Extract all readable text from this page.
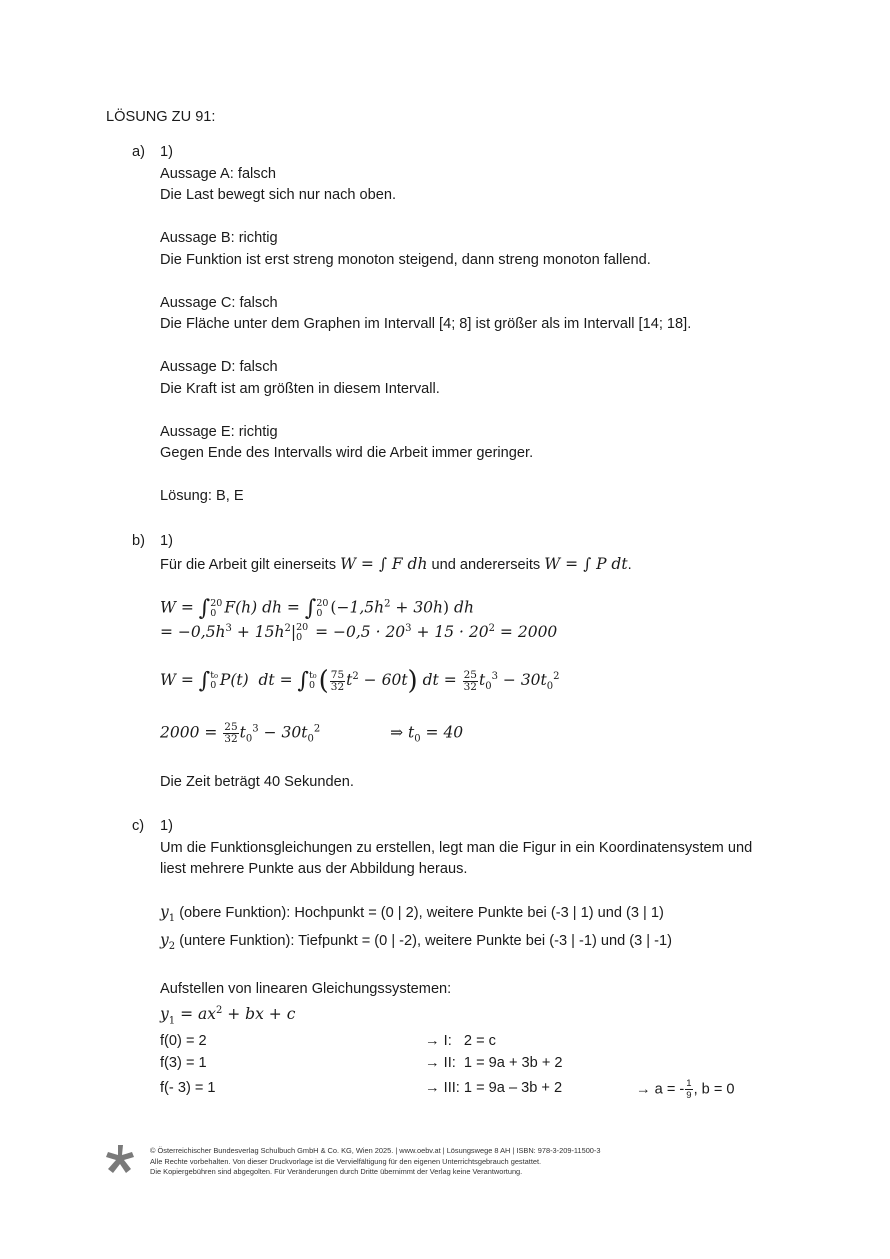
LÖSUNG ZU 91:
a) 1)
Aussage A: falsch
Die Last bewegt sich nur nach oben.
Aussage B: richtig
Die Funktion ist erst streng monoton steigend, dann streng monoton fallend.
Aussage C: falsch
Die Fläche unter dem Graphen im Intervall [4; 8] ist größer als im Intervall [14; 18].
Aussage D: falsch
Die Kraft ist am größten in diesem Intervall.
Aussage E: richtig
Gegen Ende des Intervalls wird die Arbeit immer geringer.
Lösung: B, E
b) 1)
Für die Arbeit gilt einerseits W = ∫ F dh und andererseits W = ∫ P dt.
W = ∫ 20
0 F(h) dh = ∫ 20
0 $(-1,5h^2 + 30h)$ dh
= $-0,5h^3 + 15h^2|$ 20
$0 = -0,5 \cdot 20^3 + 15 \cdot 20^2 = 2000$
W = ∫ t₀
0 P(t)  dt = ∫ t₀
0 ( $\frac{75}{32} t^2 - 60t$) dt = $\frac{25}{32} t_0^3 - 30t_0^2$
$2000 = \frac{25}{32} t_0^3 - 30t_0^2$	⇒ $t_0 = 40$
Die Zeit beträgt 40 Sekunden.
c) 1)
Um die Funktionsgleichungen zu erstellen, legt man die Figur in ein Koordinatensystem und
liest mehrere Punkte aus der Abbildung heraus.
$y_1$ (obere Funktion): Hochpunkt = (0 | 2), weitere Punkte bei (-3 | 1) und (3 | 1)
$y_2$ (untere Funktion): Tiefpunkt = (0 | -2), weitere Punkte bei (-3 | -1) und (3 | -1)
Aufstellen von linearen Gleichungssystemen:
$y_1 = ax^2$ + bx + c
f(0) = 2	→ I:   2 = c
f(3) = 1	→ II:  1 = 9a + 3b + 2
f(- 3) = 1	→ III: 1 = 9a – 3b + 2	→ a = - $\frac{1}{9}$ , b = 0
© Österreichischer Bundesverlag Schulbuch GmbH & Co. KG, Wien 2025. | www.oebv.at | Lösungswege 8 AH | ISBN: 978-3-209-11500-3
Alle Rechte vorbehalten. Von dieser Druckvorlage ist die Vervielfältigung für den eigenen Unterrichtsgebrauch gestattet.
Die Kopiergebühren sind abgegolten. Für Veränderungen durch Dritte übernimmt der Verlag keine Verantwortung.
